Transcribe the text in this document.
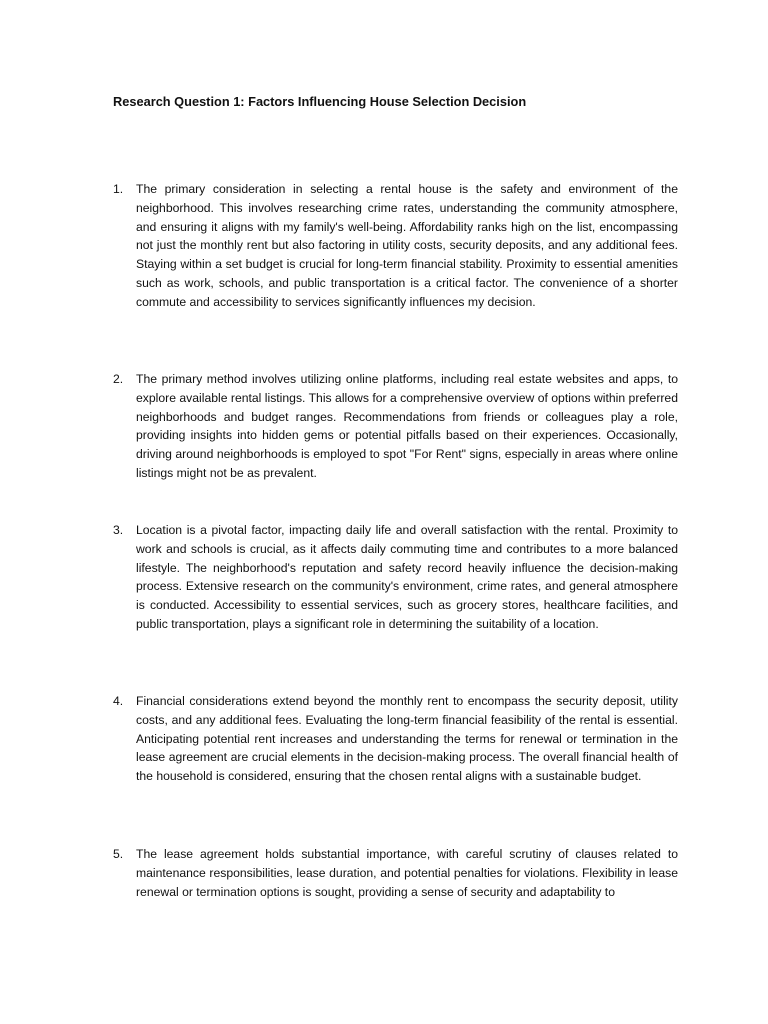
Research Question 1: Factors Influencing House Selection Decision
1.	The primary consideration in selecting a rental house is the safety and environment of the neighborhood. This involves researching crime rates, understanding the community atmosphere, and ensuring it aligns with my family's well-being. Affordability ranks high on the list, encompassing not just the monthly rent but also factoring in utility costs, security deposits, and any additional fees. Staying within a set budget is crucial for long-term financial stability. Proximity to essential amenities such as work, schools, and public transportation is a critical factor. The convenience of a shorter commute and accessibility to services significantly influences my decision.
2.	The primary method involves utilizing online platforms, including real estate websites and apps, to explore available rental listings. This allows for a comprehensive overview of options within preferred neighborhoods and budget ranges. Recommendations from friends or colleagues play a role, providing insights into hidden gems or potential pitfalls based on their experiences. Occasionally, driving around neighborhoods is employed to spot "For Rent" signs, especially in areas where online listings might not be as prevalent.
3.	Location is a pivotal factor, impacting daily life and overall satisfaction with the rental. Proximity to work and schools is crucial, as it affects daily commuting time and contributes to a more balanced lifestyle. The neighborhood's reputation and safety record heavily influence the decision-making process. Extensive research on the community's environment, crime rates, and general atmosphere is conducted. Accessibility to essential services, such as grocery stores, healthcare facilities, and public transportation, plays a significant role in determining the suitability of a location.
4.	Financial considerations extend beyond the monthly rent to encompass the security deposit, utility costs, and any additional fees. Evaluating the long-term financial feasibility of the rental is essential. Anticipating potential rent increases and understanding the terms for renewal or termination in the lease agreement are crucial elements in the decision-making process. The overall financial health of the household is considered, ensuring that the chosen rental aligns with a sustainable budget.
5.	The lease agreement holds substantial importance, with careful scrutiny of clauses related to maintenance responsibilities, lease duration, and potential penalties for violations. Flexibility in lease renewal or termination options is sought, providing a sense of security and adaptability to
